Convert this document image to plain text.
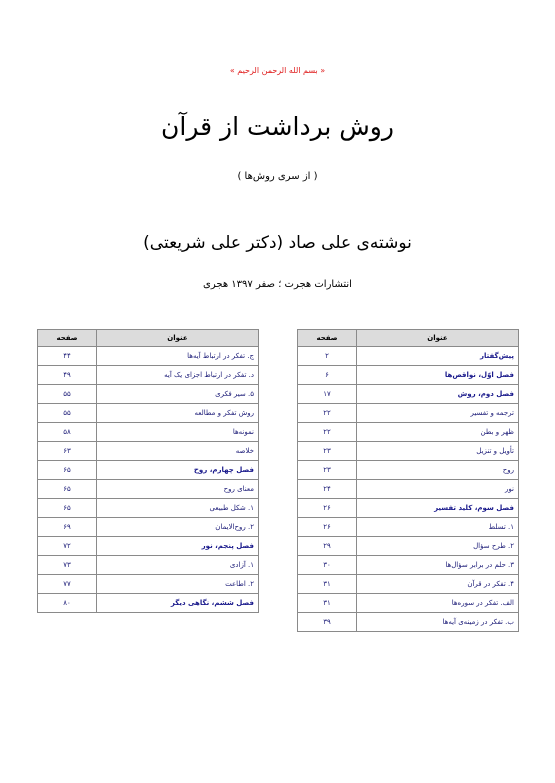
« بسم الله الرحمن الرحیم »
روش برداشت از قرآن
( از سری روش‌ها )
نوشته‌ی علی صاد (دکتر علی شریعتی)
انتشارات هجرت ؛ صفر ۱۳۹۷ هجری
عنوان	صفحه
پیش‌گفتار	۲
فصل اوّل، نواقص‌ها	۶
فصل دوم، روش	۱۷
ترجمه و تفسیر	۲۲
ظهر و بطن	۲۲
تأویل و تنزیل	۲۳
روح	۲۳
نور	۲۴
فصل سوم، کلید تفسیر	۲۶
۱. تسلط	۲۶
۲. طرح سؤال	۲۹
۳. حلم در برابر سؤال‌ها	۳۰
۴. تفکر در قرآن	۳۱
الف. تفکر در سوره‌ها	۳۱
ب. تفکر در زمینه‌ی آیه‌ها	۳۹
عنوان	صفحه
ج. تفکر در ارتباط آیه‌ها	۴۴
د. تفکر در ارتباط اجزای یک آیه	۴۹
۵. سیر فکری	۵۵
روش تفکر و مطالعه	۵۵
نمونه‌ها	۵۸
خلاصه	۶۳
فصل چهارم، روح	۶۵
معنای روح	۶۵
۱. شکل طبیعی	۶۵
۲. روح‌الایمان	۶۹
فصل پنجم، نور	۷۲
۱. آزادی	۷۳
۲. اطاعت	۷۷
فصل ششم، نگاهی دیگر	۸۰
